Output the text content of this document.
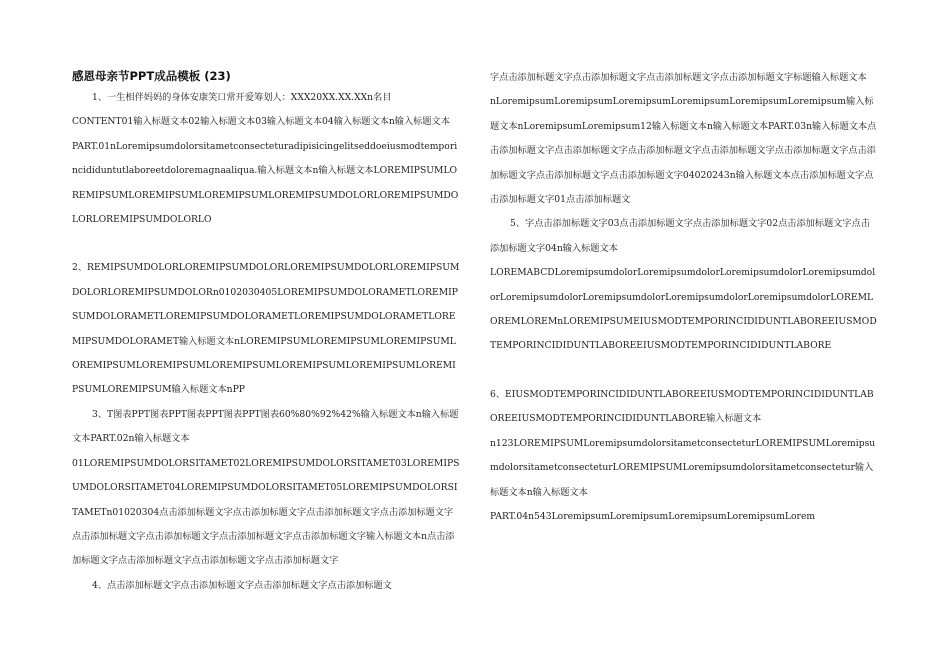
感恩母亲节PPT成品模板 (23)

1、一生相伴妈妈的身体安康笑口常开爱筹划人：XXX20XX.XX.XXn名目

CONTENT01输入标题文本02输入标题文本03输入标题文本04输入标题文本n输入标题文本

PART.01nLoremipsumdolorsitametconsecteturadipisicingelitseddoeiusmodtemporincididuntutlaboreetdoloremagnaaliqua.输入标题文本n输入标题文本LOREMIPSUMLOREMIPSUMLOREMIPSUMLOREMIPSUMLOREMIPSUMDOLORLOREMIPSUMDOLORLOREMIPSUMDOLORLO

2、REMIPSUMDOLORLOREMIPSUMDOLORLOREMIPSUMDOLORLOREMIPSUMDOLORLOREMIPSUMDOLORn0102030405LOREMIPSUMDOLORAMETLOREMIPSUMDOLORAMETLOREMIPSUMDOLORAMETLOREMIPSUMDOLORAMETLOREMIPSUMDOLORAMET输入标题文本nLOREMIPSUMLOREMIPSUMLOREMIPSUMLOREMIPSUMLOREMIPSUMLOREMIPSUMLOREMIPSUMLOREMIPSUMLOREMIPSUMLOREMIPSUM输入标题文本nPP

3、T图表PPT图表PPT图表PPT图表PPT图表60%80%92%42%输入标题文本n输入标题文本PART.02n输入标题文本

01LOREMIPSUMDOLORSITAMET02LOREMIPSUMDOLORSITAMET03LOREMIPSUMDOLORSITAMET04LOREMIPSUMDOLORSITAMET05LOREMIPSUMDOLORSITAMETn01020304点击添加标题文字点击添加标题文字点击添加标题文字点击添加标题文字点击添加标题文字点击添加标题文字点击添加标题文字点击添加标题文字输入标题文本n点击添加标题文字点击添加标题文字点击添加标题文字点击添加标题文字

4、点击添加标题文字点击添加标题文字点击添加标题文字点击添加标题文

字点击添加标题文字点击添加标题文字点击添加标题文字点击添加标题文字标题输入标题文本

nLoremipsumLoremipsumLoremipsumLoremipsumLoremipsumLoremipsum输入标题文本nLoremipsumLoremipsum12输入标题文本n输入标题文本PART.03n输入标题文本点击添加标题文字点击添加标题文字点击添加标题文字点击添加标题文字点击添加标题文字点击添加标题文字点击添加标题文字点击添加标题文字04020243n输入标题文本点击添加标题文字点击添加标题文字01点击添加标题文

5、字点击添加标题文字03点击添加标题文字点击添加标题文字02点击添加标题文字点击添加标题文字04n输入标题文本

LOREMABCDLoremipsumdolorLoremipsumdolorLoremipsumdolorLoremipsumdolorLoremipsumdolorLoremipsumdolorLoremipsumdolorLoremipsumdolorLOREMLOREMLOREMnLOREMIPSUMEIUSMODTEMPORINCIDIDUNTLABOREEIUSMODTEMPORINCIDIDUNTLABOREEIUSMODTEMPORINCIDIDUNTLABORE

6、EIUSMODTEMPORINCIDIDUNTLABOREEIUSMODTEMPORINCIDIDUNTLABOREEIUSMODTEMPORINCIDIDUNTLABORE输入标题文本

n123LOREMIPSUMLoremipsumdolorsitametconsecteturLOREMIPSUMLoremipsumdolorsitametconsecteturLOREMIPSUMLoremipsumdolorsitametconsectetur输入标题文本n输入标题文本

PART.04n543LoremipsumLoremipsumLoremipsumLoremipsumLorem
